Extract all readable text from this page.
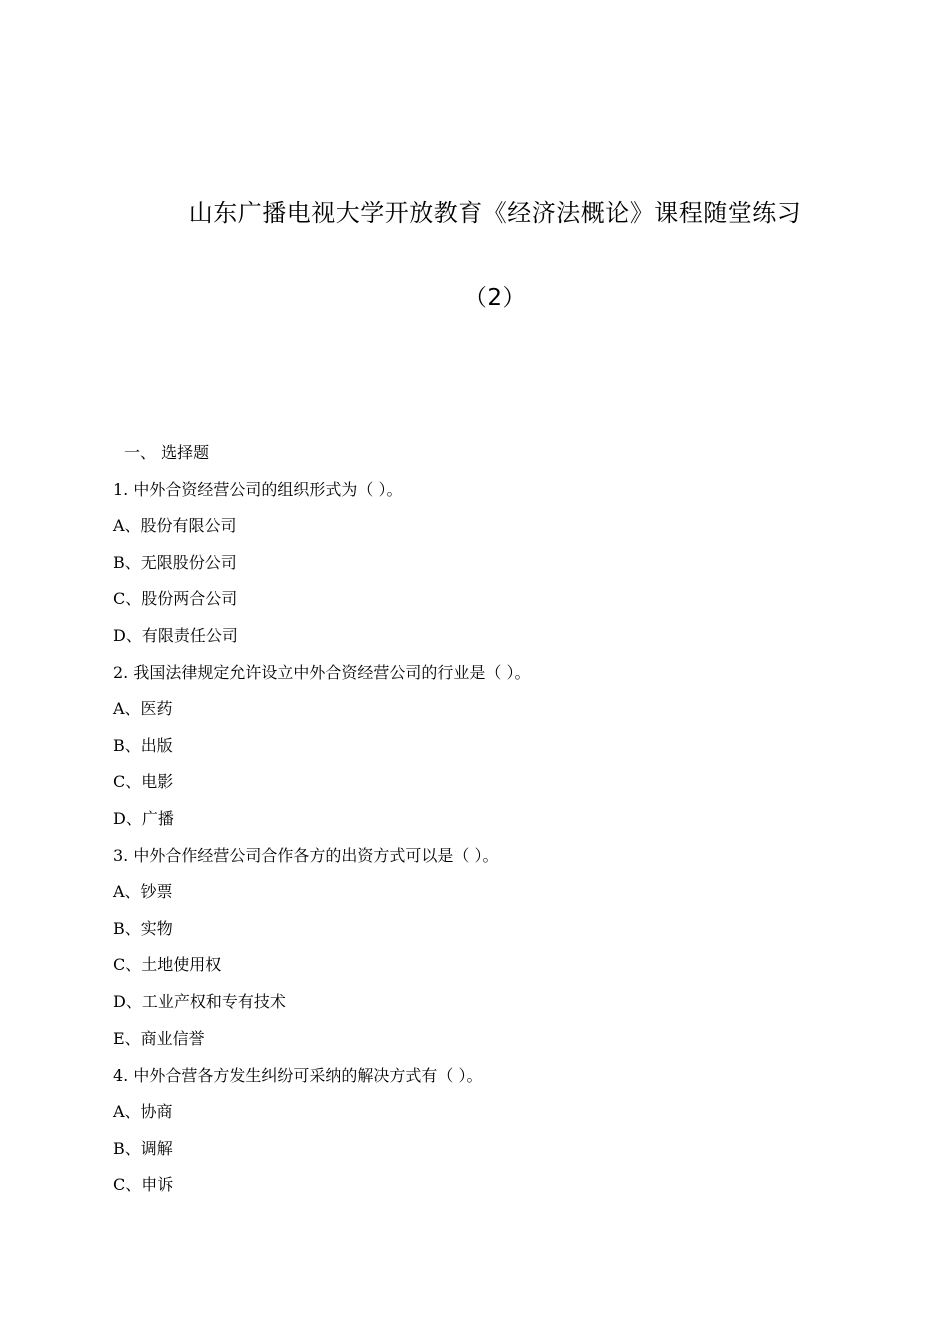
山东广播电视大学开放教育《经济法概论》课程随堂练习
（2）
一、 选择题
1. 中外合资经营公司的组织形式为（ ）。
A、股份有限公司
B、无限股份公司
C、股份两合公司
D、有限责任公司
2. 我国法律规定允许设立中外合资经营公司的行业是（ ）。
A、医药
B、出版
C、电影
D、广播
3. 中外合作经营公司合作各方的出资方式可以是（ ）。
A、钞票
B、实物
C、土地使用权
D、工业产权和专有技术
E、商业信誉
4. 中外合营各方发生纠纷可采纳的解决方式有（ ）。
A、协商
B、调解
C、申诉
